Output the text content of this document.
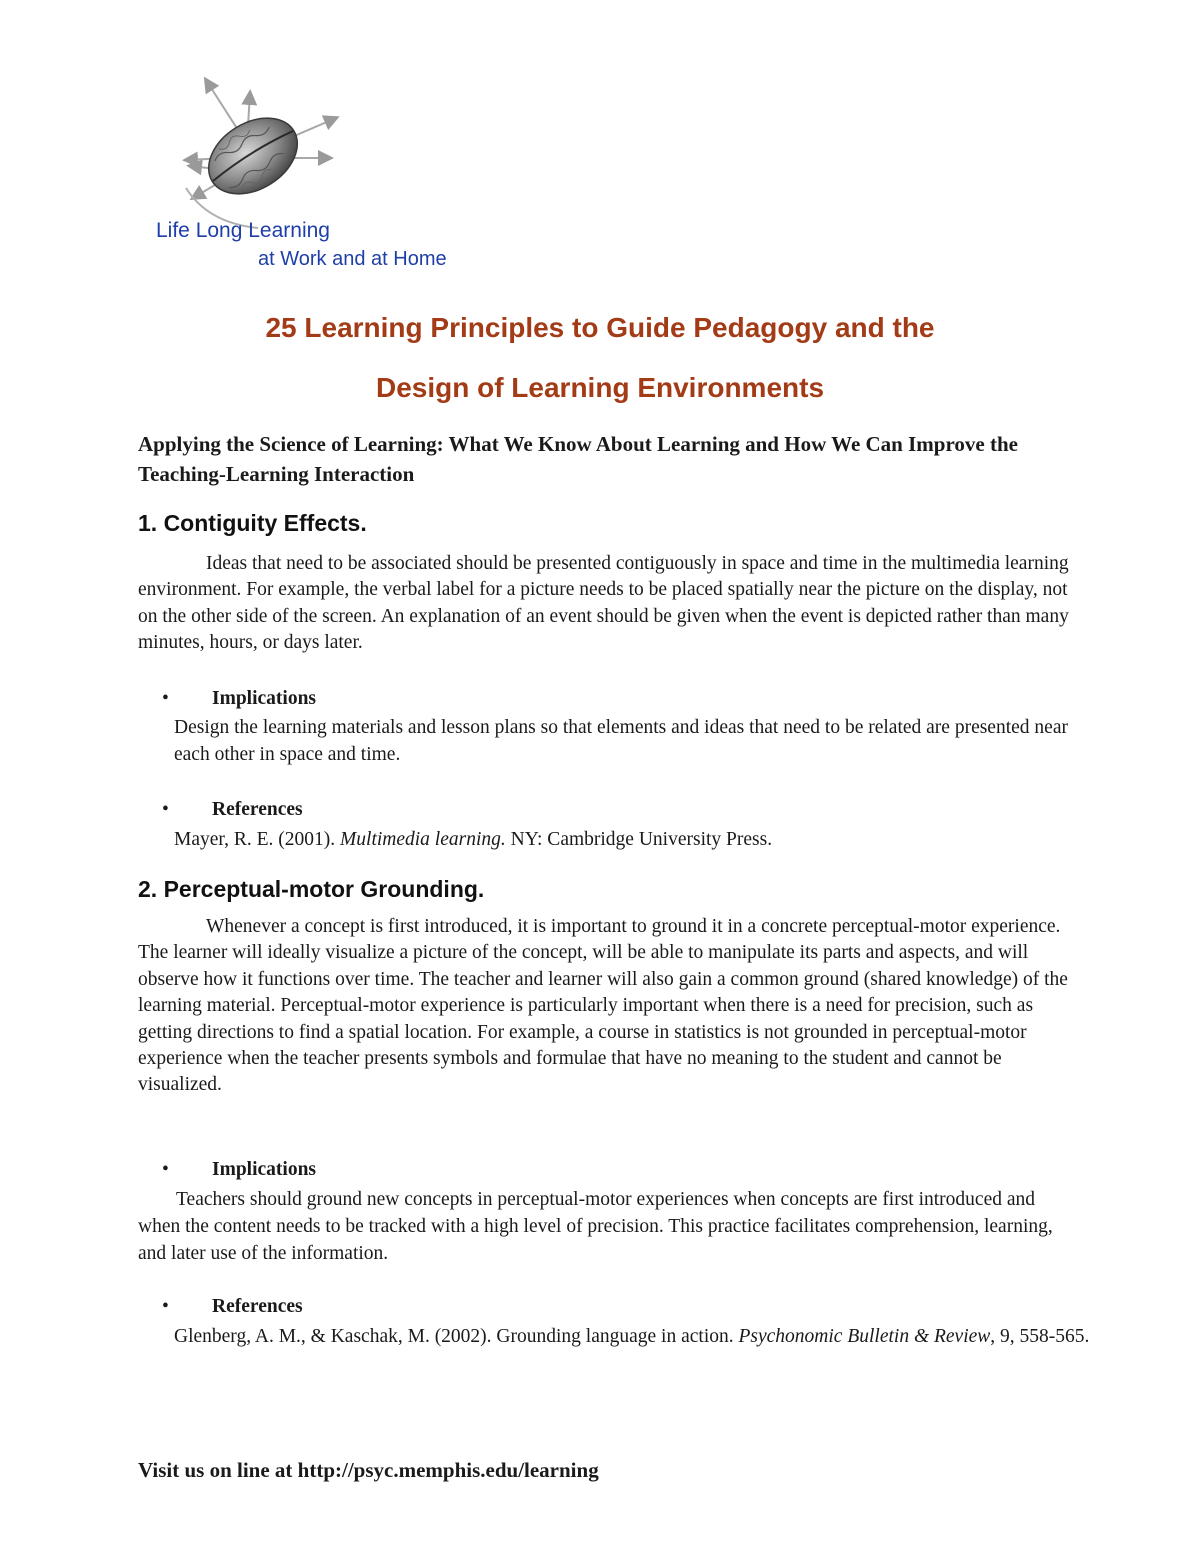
Life Long Learning
at Work and at Home
25 Learning Principles to Guide Pedagogy and the
Design of Learning Environments

Applying the Science of Learning: What We Know About Learning and How We Can Improve the Teaching-Learning Interaction

1. Contiguity Effects.

Ideas that need to be associated should be presented contiguously in space and time in the multimedia learning environment. For example, the verbal label for a picture needs to be placed spatially near the picture on the display, not on the other side of the screen. An explanation of an event should be given when the event is depicted rather than many minutes, hours, or days later.

• Implications

Design the learning materials and lesson plans so that elements and ideas that need to be related are presented near each other in space and time.

• References

Mayer, R. E. (2001). Multimedia learning. NY: Cambridge University Press.

2. Perceptual-motor Grounding.

Whenever a concept is first introduced, it is important to ground it in a concrete perceptual-motor experience. The learner will ideally visualize a picture of the concept, will be able to manipulate its parts and aspects, and will observe how it functions over time. The teacher and learner will also gain a common ground (shared knowledge) of the learning material. Perceptual-motor experience is particularly important when there is a need for precision, such as getting directions to find a spatial location. For example, a course in statistics is not grounded in perceptual-motor experience when the teacher presents symbols and formulae that have no meaning to the student and cannot be visualized.

• Implications

Teachers should ground new concepts in perceptual-motor experiences when concepts are first introduced and when the content needs to be tracked with a high level of precision. This practice facilitates comprehension, learning, and later use of the information.

• References

Glenberg, A. M., & Kaschak, M. (2002). Grounding language in action. Psychonomic Bulletin & Review, 9, 558-565.

Visit us on line at http://psyc.memphis.edu/learning
